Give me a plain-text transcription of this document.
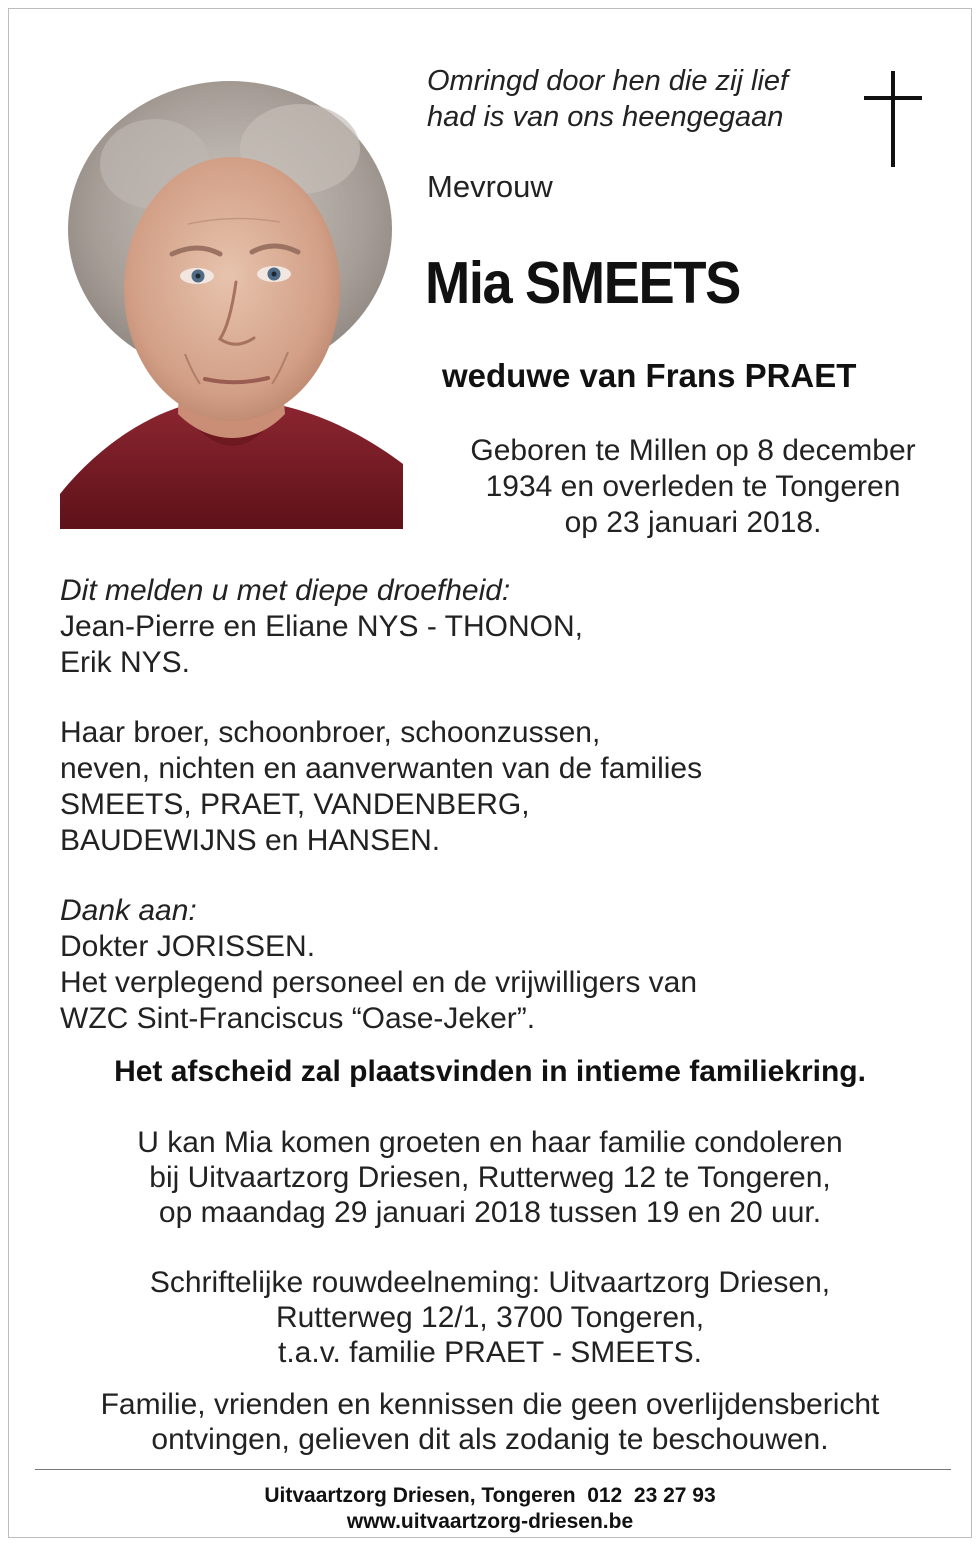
Omringd door hen die zij lief
had is van ons heengegaan
Mevrouw
Mia SMEETS
weduwe van Frans PRAET
Geboren te Millen op 8 december
1934 en overleden te Tongeren
op 23 januari 2018.
Dit melden u met diepe droefheid:
Jean-Pierre en Eliane NYS - THONON,
Erik NYS.
Haar broer, schoonbroer, schoonzussen,
neven, nichten en aanverwanten van de families
SMEETS, PRAET, VANDENBERG,
BAUDEWIJNS en HANSEN.
Dank aan:
Dokter JORISSEN.
Het verplegend personeel en de vrijwilligers van
WZC Sint-Franciscus “Oase-Jeker”.
Het afscheid zal plaatsvinden in intieme familiekring.
U kan Mia komen groeten en haar familie condoleren
bij Uitvaartzorg Driesen, Rutterweg 12 te Tongeren,
op maandag 29 januari 2018 tussen 19 en 20 uur.
Schriftelijke rouwdeelneming: Uitvaartzorg Driesen,
Rutterweg 12/1, 3700 Tongeren,
t.a.v. familie PRAET - SMEETS.
Familie, vrienden en kennissen die geen overlijdensbericht
ontvingen, gelieven dit als zodanig te beschouwen.
Uitvaartzorg Driesen, Tongeren  012  23 27 93
www.uitvaartzorg-driesen.be
